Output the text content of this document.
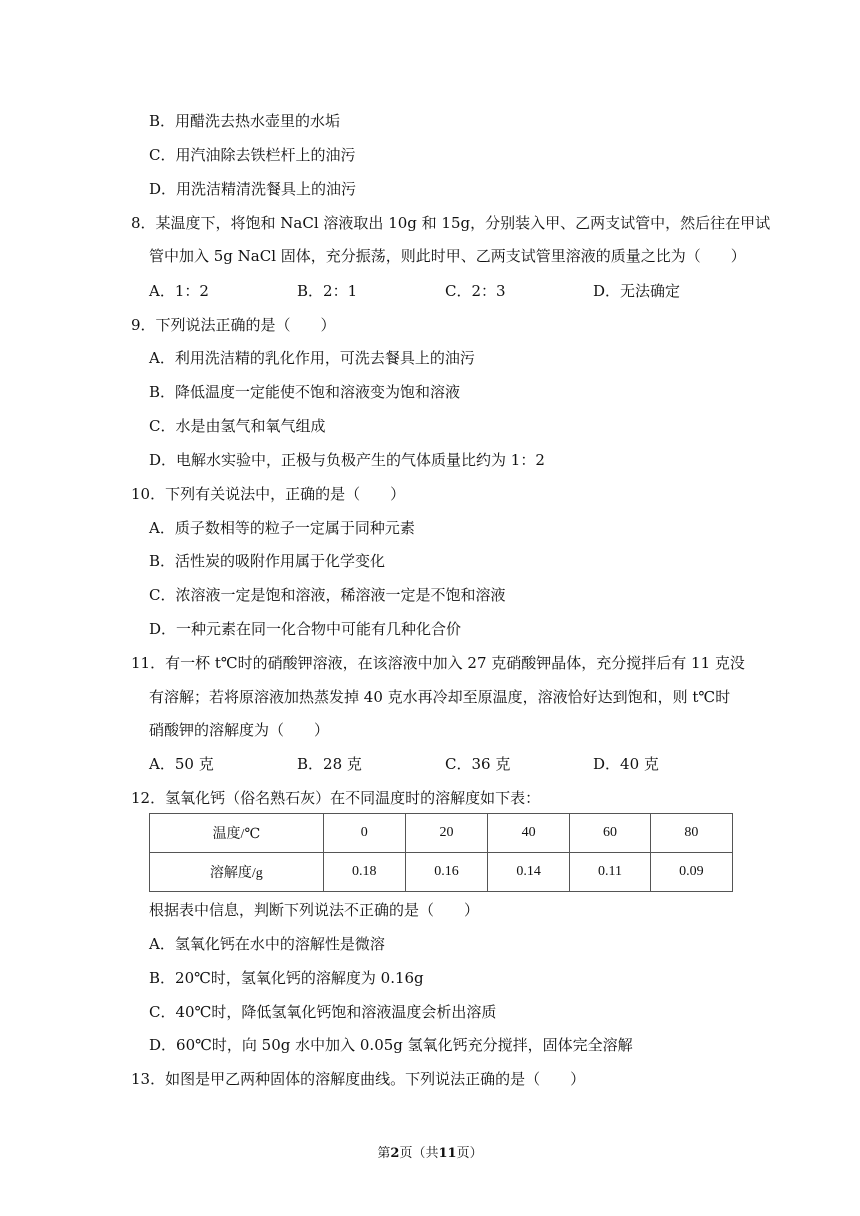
B．用醋洗去热水壶里的水垢
C．用汽油除去铁栏杆上的油污
D．用洗洁精清洗餐具上的油污
8．某温度下，将饱和 NaCl 溶液取出 10g 和 15g，分别装入甲、乙两支试管中，然后往在甲试
管中加入 5g NaCl 固体，充分振荡，则此时甲、乙两支试管里溶液的质量之比为（　　）
A．1：2	B．2：1	C．2：3	D．无法确定
9．下列说法正确的是（　　）
A．利用洗洁精的乳化作用，可洗去餐具上的油污
B．降低温度一定能使不饱和溶液变为饱和溶液
C．水是由氢气和氧气组成
D．电解水实验中，正极与负极产生的气体质量比约为 1：2
10．下列有关说法中，正确的是（　　）
A．质子数相等的粒子一定属于同种元素
B．活性炭的吸附作用属于化学变化
C．浓溶液一定是饱和溶液，稀溶液一定是不饱和溶液
D．一种元素在同一化合物中可能有几种化合价
11．有一杯 t℃时的硝酸钾溶液，在该溶液中加入 27 克硝酸钾晶体，充分搅拌后有 11 克没
有溶解；若将原溶液加热蒸发掉 40 克水再冷却至原温度，溶液恰好达到饱和，则 t℃时
硝酸钾的溶解度为（　　）
A．50 克	B．28 克	C．36 克	D．40 克
12．氢氧化钙（俗名熟石灰）在不同温度时的溶解度如下表：
温度/℃	0	20	40	60	80
溶解度/g	0.18	0.16	0.14	0.11	0.09
根据表中信息，判断下列说法不正确的是（　　）
A．氢氧化钙在水中的溶解性是微溶
B．20℃时，氢氧化钙的溶解度为 0.16g
C．40℃时，降低氢氧化钙饱和溶液温度会析出溶质
D．60℃时，向 50g 水中加入 0.05g 氢氧化钙充分搅拌，固体完全溶解
13．如图是甲乙两种固体的溶解度曲线。下列说法正确的是（　　）
第2页（共11页）
